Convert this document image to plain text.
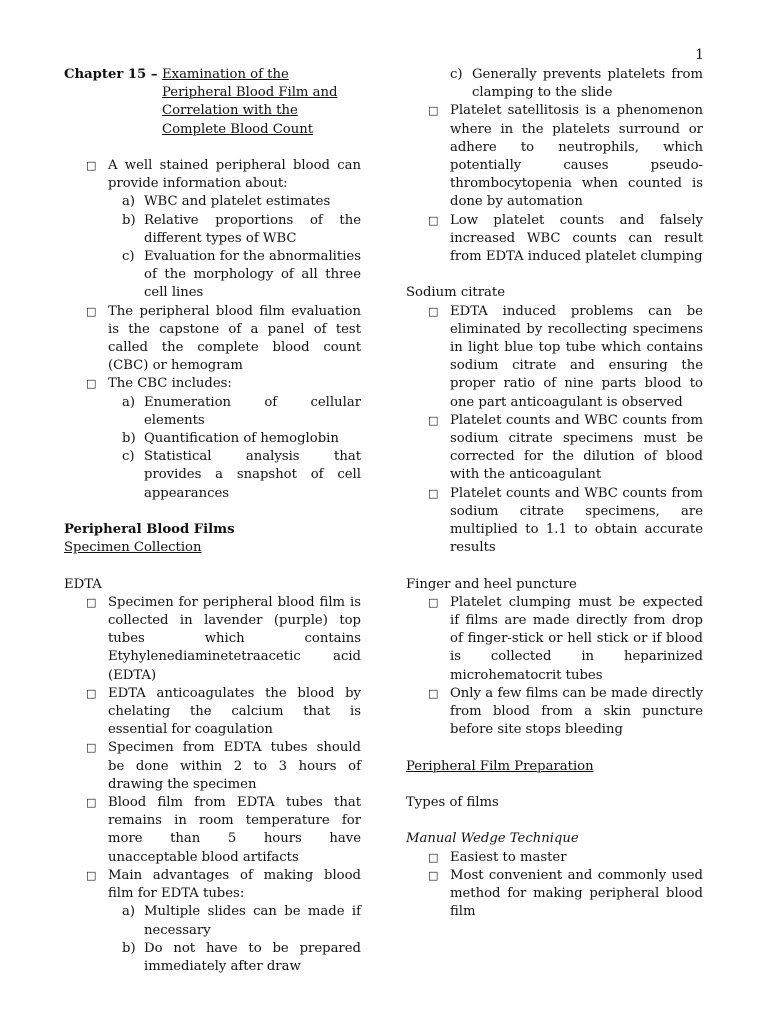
1
Chapter 15 – Examination of the Peripheral Blood Film and Correlation with the Complete Blood Count
□ A well stained peripheral blood can provide information about:
a) WBC and platelet estimates
b) Relative proportions of the different types of WBC
c) Evaluation for the abnormalities of the morphology of all three cell lines
□ The peripheral blood film evaluation is the capstone of a panel of test called the complete blood count (CBC) or hemogram
□ The CBC includes:
a) Enumeration of cellular elements
b) Quantification of hemoglobin
c) Statistical analysis that provides a snapshot of cell appearances
Peripheral Blood Films
Specimen Collection
EDTA
□ Specimen for peripheral blood film is collected in lavender (purple) top tubes which contains Etyhylenediaminetetraacetic acid (EDTA)
□ EDTA anticoagulates the blood by chelating the calcium that is essential for coagulation
□ Specimen from EDTA tubes should be done within 2 to 3 hours of drawing the specimen
□ Blood film from EDTA tubes that remains in room temperature for more than 5 hours have unacceptable blood artifacts
□ Main advantages of making blood film for EDTA tubes:
a) Multiple slides can be made if necessary
b) Do not have to be prepared immediately after draw
c) Generally prevents platelets from clamping to the slide
□ Platelet satellitosis is a phenomenon where in the platelets surround or adhere to neutrophils, which potentially causes pseudo-thrombocytopenia when counted is done by automation
□ Low platelet counts and falsely increased WBC counts can result from EDTA induced platelet clumping
Sodium citrate
□ EDTA induced problems can be eliminated by recollecting specimens in light blue top tube which contains sodium citrate and ensuring the proper ratio of nine parts blood to one part anticoagulant is observed
□ Platelet counts and WBC counts from sodium citrate specimens must be corrected for the dilution of blood with the anticoagulant
□ Platelet counts and WBC counts from sodium citrate specimens, are multiplied to 1.1 to obtain accurate results
Finger and heel puncture
□ Platelet clumping must be expected if films are made directly from drop of finger-stick or hell stick or if blood is collected in heparinized microhematocrit tubes
□ Only a few films can be made directly from blood from a skin puncture before site stops bleeding
Peripheral Film Preparation
Types of films
Manual Wedge Technique
□ Easiest to master
□ Most convenient and commonly used method for making peripheral blood film
